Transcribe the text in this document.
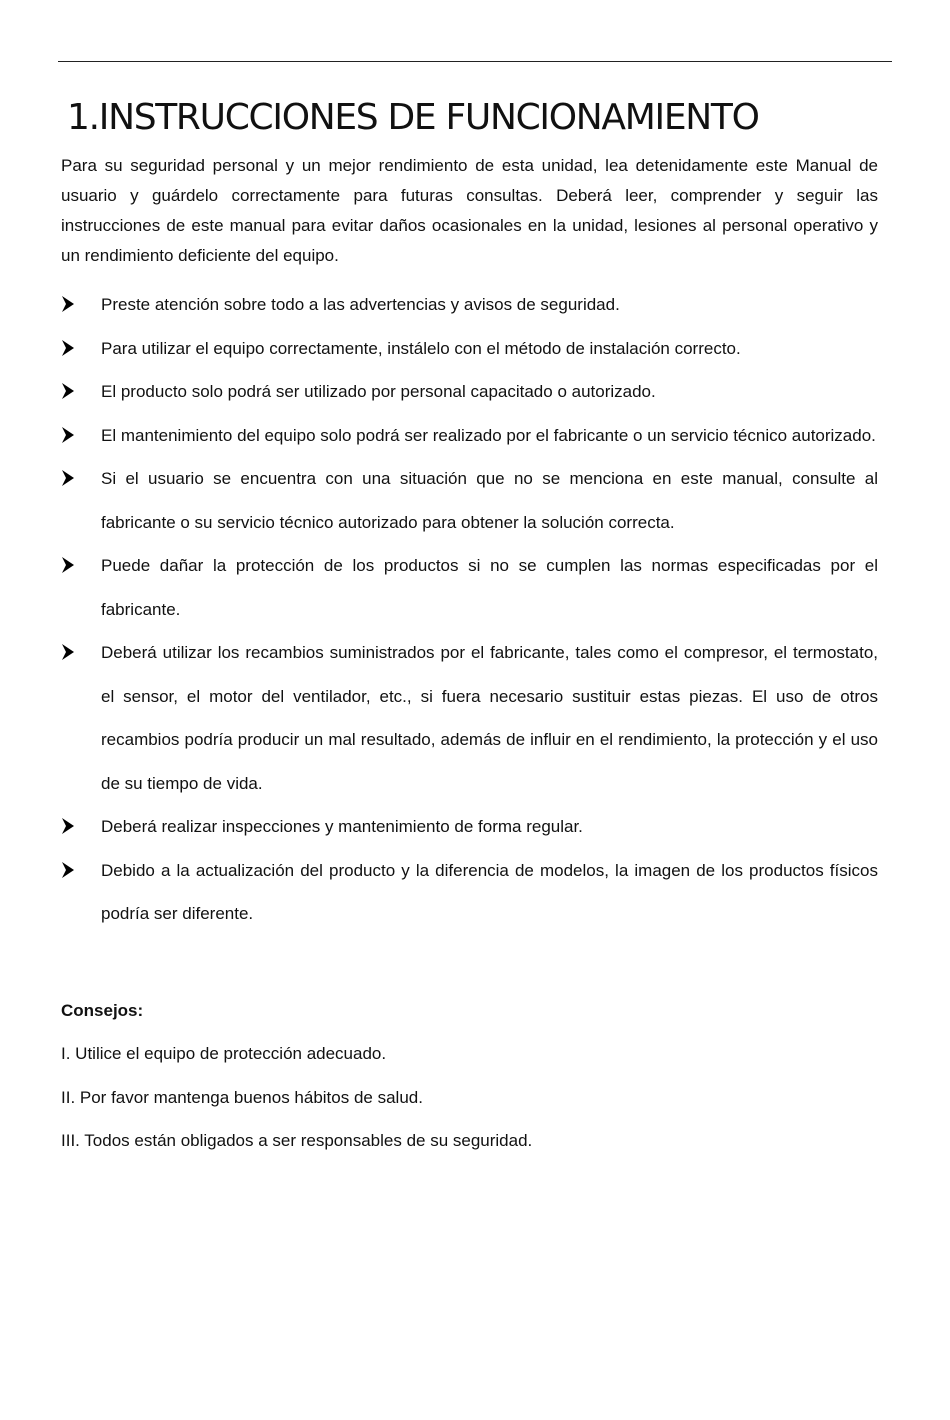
1.INSTRUCCIONES DE FUNCIONAMIENTO

Para su seguridad personal y un mejor rendimiento de esta unidad, lea detenidamente este Manual de usuario y guárdelo correctamente para futuras consultas. Deberá leer, comprender y seguir las instrucciones de este manual para evitar daños ocasionales en la unidad, lesiones al personal operativo y un rendimiento deficiente del equipo.

Preste atención sobre todo a las advertencias y avisos de seguridad.
Para utilizar el equipo correctamente, instálelo con el método de instalación correcto.
El producto solo podrá ser utilizado por personal capacitado o autorizado.
El mantenimiento del equipo solo podrá ser realizado por el fabricante o un servicio técnico autorizado.
Si el usuario se encuentra con una situación que no se menciona en este manual, consulte al fabricante o su servicio técnico autorizado para obtener la solución correcta.
Puede dañar la protección de los productos si no se cumplen las normas especificadas por el fabricante.
Deberá utilizar los recambios suministrados por el fabricante, tales como el compresor, el termostato, el sensor, el motor del ventilador, etc., si fuera necesario sustituir estas piezas. El uso de otros recambios podría producir un mal resultado, además de influir en el rendimiento, la protección y el uso de su tiempo de vida.
Deberá realizar inspecciones y mantenimiento de forma regular.
Debido a la actualización del producto y la diferencia de modelos, la imagen de los productos físicos podría ser diferente.
Consejos:
I. Utilice el equipo de protección adecuado.
II. Por favor mantenga buenos hábitos de salud.
III. Todos están obligados a ser responsables de su seguridad.
